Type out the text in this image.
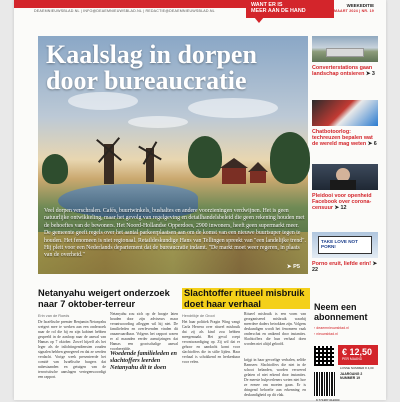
DEAEMNIEUWSBLAD.NL | INFO@DEAEMNIEUWSBLAD.NL | REDACTIE@DEAEMNIEUWSBLAD.NL
WANT ER IS
MEER AAN DE HAND
WEEKEDITIE
6 MAART 2024 | NR. 19
Kaalslag in dorpen door bureaucratie
Veel dorpen verschralen. Cafés, buurtwinkels, bushaltes en andere voorzieningen verdwijnen. Het is geen natuurlijke ontwikkeling, maar het gevolg van regelgeving en detailhandelsbeleid die geen rekening houden met de behoeftes van de bewoners. Het Noord-Hollandse Opperdoes, 2900 inwoners, heeft geen supermarkt meer. De gemeente geeft regels over het aantal parkeerplaatsen aan om de komst van een nieuwe buurtsuper tegen te houden. Het fenomeen is niet regionaal. Retaildeskundige Hans van Tellingen spreekt van "een landelijke trend". Hij pleit voor een Nederlands departement dat de bureaucratie indamt. "De markt moet weer regeren, in plaats van de overheid."
➤ P5
Converterstations gaan landschap ontsieren ➤ 3
Chatbotoorlog: techreuzen bepalen wat de wereld mag weten ➤ 6
Pleidooi voor openheid Facebook over corona-censuur ➤ 12
TAKE LOVE NOT PORN!
Porno eruit, liefde erin! ➤ 22
Netanyahu weigert onderzoek naar 7 oktober-terreur
Erin van de Roeds
De Israëlische premier Benjamin Netanyahu weigert mee te werken aan een onderzoek naar de rol die hij en zijn kabinet hebben gespeeld in de aanloop naar de aanval van Hamas op 7 oktober. Zowel hijzelf als het leger als de inlichtingendiensten zouden signalen hebben genegeerd en dat ze werden verdacht. Vorige week presenteerde het comité van Israëlische burgers dat nabestaanden en getuigen van de terroristische aanslagen vertegenwoordigt een rapport.
Netanyahu zou zich op de hoogte laten houden door zijn adviseurs maar verantwoording afleggen wil hij niet. De familieleden en overlevenden vinden dit onaanvaardbaar. Volgens het rapport waren er al maanden eerder aanwijzingen dat Hamas een grootschalige aanval voorbereidde.
Woedende familieleden en slachtoffers leerden Netanyahu dit te doen
Slachtoffer ritueel misbruik doet haar verhaal
Hendriikje de Groot
Het haar politiek Pragin Wing vangt Carla Herrera over ritueel misbruik dat zij als kind zou hebben meegemaakt. Het geval roept verontwaardiging op. Zij wil dat er gehoor en aandacht komt voor slachtoffers die in stilte lijden. Haar verhaal is schokkend en herkenbaar voor velen.
Ritueel misbruik is een vorm van georganiseerd misbruik waarbij meerdere daders betrokken zijn. Volgens deskundigen wordt het fenomeen vaak onderschat en ontkend door instanties. Slachtoffers die hun verhaal doen worden niet altijd geloofd.
krijgt in haar gevoelige verhalen, zelfde Ramseer. Slachtoffers die niet in de schoot belanden, worden verweerd gelaten of niet erkend door instanties. De meeste hulpverleners weten niet hoe ze ermee om moeten gaan. Er is dringend behoefte aan erkenning en deskundigheid op dit vlak.
Neem een abonnement
› deaemnieuwsblad.nl
› nieuwsblad.nl
€ 12,50
PER MAAND
LOSSE NUMMER € 4,00
JAARGANG 2
NUMMER 19
9 771387 012000
